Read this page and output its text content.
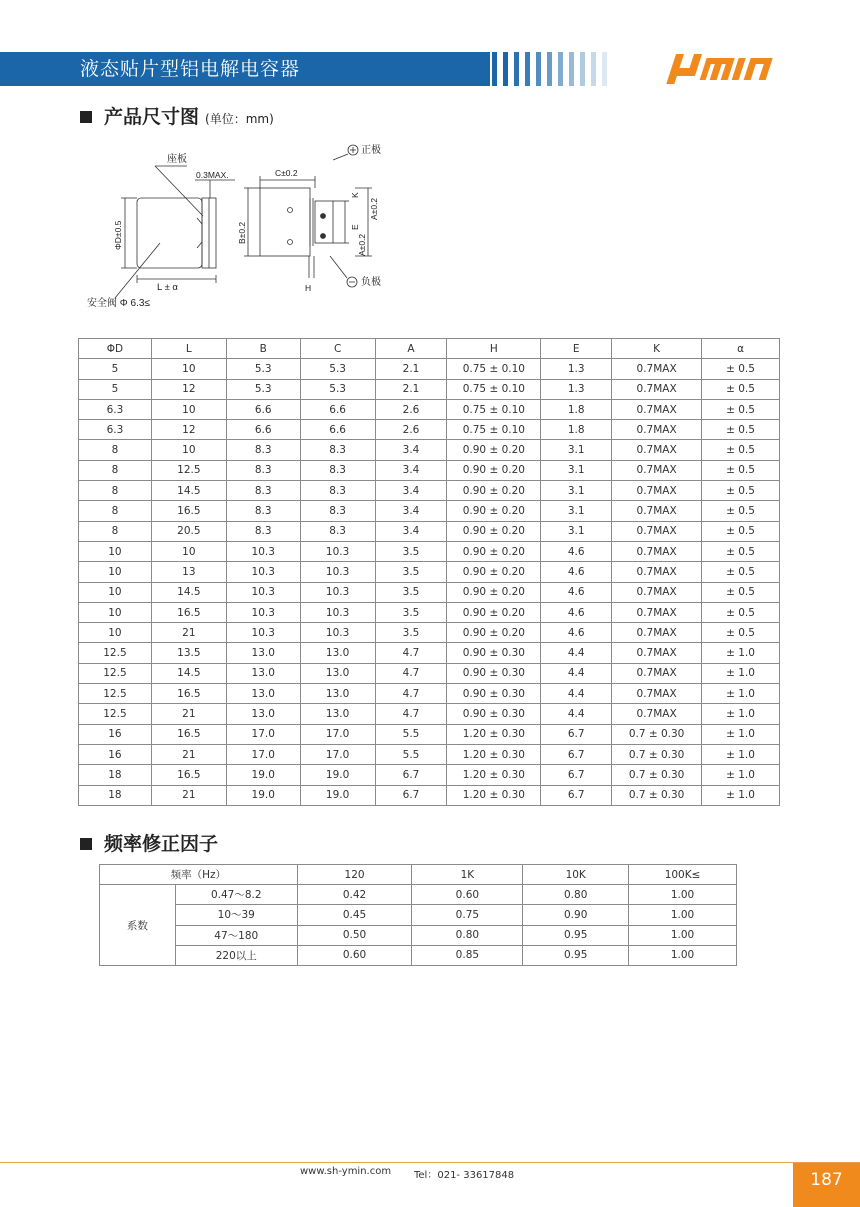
液态贴片型铝电解电容器
产品尺寸图 (单位：mm)
座板
0.3MAX.
ΦD±0.5
L ± α
安全阀 Φ 6.3≤
正极
负极
C±0.2
B±0.2
K
E
A±0.2
A±0.2
H
ΦD	L	B	C	A	H	E	K	α
5	10	5.3	5.3	2.1	0.75 ± 0.10	1.3	0.7MAX	± 0.5
5	12	5.3	5.3	2.1	0.75 ± 0.10	1.3	0.7MAX	± 0.5
6.3	10	6.6	6.6	2.6	0.75 ± 0.10	1.8	0.7MAX	± 0.5
6.3	12	6.6	6.6	2.6	0.75 ± 0.10	1.8	0.7MAX	± 0.5
8	10	8.3	8.3	3.4	0.90 ± 0.20	3.1	0.7MAX	± 0.5
8	12.5	8.3	8.3	3.4	0.90 ± 0.20	3.1	0.7MAX	± 0.5
8	14.5	8.3	8.3	3.4	0.90 ± 0.20	3.1	0.7MAX	± 0.5
8	16.5	8.3	8.3	3.4	0.90 ± 0.20	3.1	0.7MAX	± 0.5
8	20.5	8.3	8.3	3.4	0.90 ± 0.20	3.1	0.7MAX	± 0.5
10	10	10.3	10.3	3.5	0.90 ± 0.20	4.6	0.7MAX	± 0.5
10	13	10.3	10.3	3.5	0.90 ± 0.20	4.6	0.7MAX	± 0.5
10	14.5	10.3	10.3	3.5	0.90 ± 0.20	4.6	0.7MAX	± 0.5
10	16.5	10.3	10.3	3.5	0.90 ± 0.20	4.6	0.7MAX	± 0.5
10	21	10.3	10.3	3.5	0.90 ± 0.20	4.6	0.7MAX	± 0.5
12.5	13.5	13.0	13.0	4.7	0.90 ± 0.30	4.4	0.7MAX	± 1.0
12.5	14.5	13.0	13.0	4.7	0.90 ± 0.30	4.4	0.7MAX	± 1.0
12.5	16.5	13.0	13.0	4.7	0.90 ± 0.30	4.4	0.7MAX	± 1.0
12.5	21	13.0	13.0	4.7	0.90 ± 0.30	4.4	0.7MAX	± 1.0
16	16.5	17.0	17.0	5.5	1.20 ± 0.30	6.7	0.7 ± 0.30	± 1.0
16	21	17.0	17.0	5.5	1.20 ± 0.30	6.7	0.7 ± 0.30	± 1.0
18	16.5	19.0	19.0	6.7	1.20 ± 0.30	6.7	0.7 ± 0.30	± 1.0
18	21	19.0	19.0	6.7	1.20 ± 0.30	6.7	0.7 ± 0.30	± 1.0
频率修正因子
频率（Hz）		120	1K	10K	100K≤
系数	0.47～8.2	0.42	0.60	0.80	1.00
	10～39	0.45	0.75	0.90	1.00
	47～180	0.50	0.80	0.95	1.00
	220以上	0.60	0.85	0.95	1.00
www.sh-ymin.com Tel：021- 33617848	187
